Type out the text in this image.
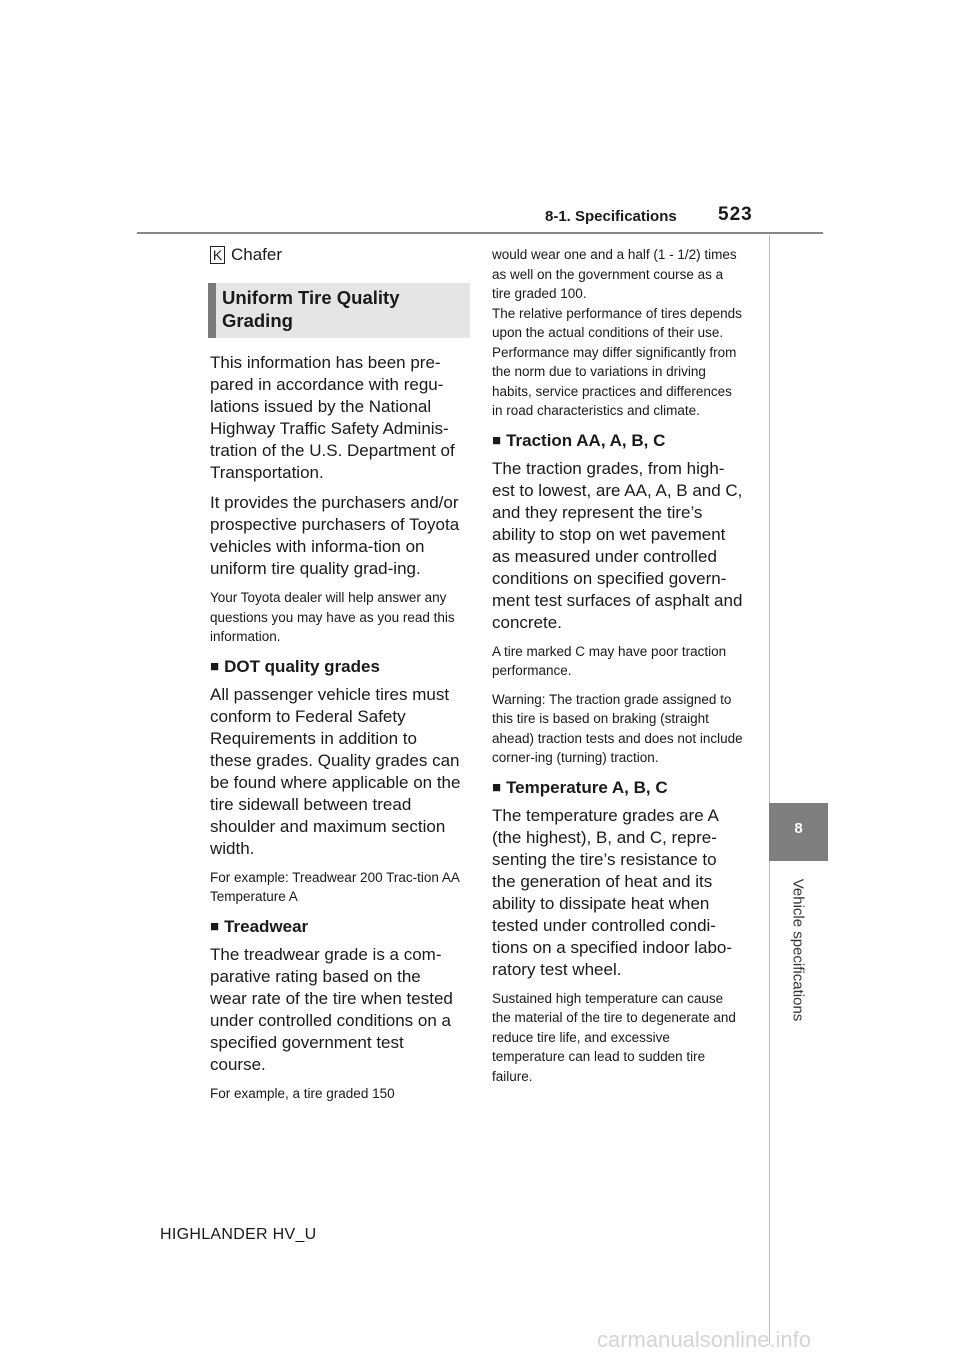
8-1. Specifications 523
8
Vehicle specifications
K Chafer
Uniform Tire Quality Grading

This information has been pre-pared in accordance with regu-lations issued by the National Highway Traffic Safety Adminis-tration of the U.S. Department of Transportation.

It provides the purchasers and/or prospective purchasers of Toyota vehicles with informa-tion on uniform tire quality grad-ing.

Your Toyota dealer will help answer any questions you may have as you read this information.

■ DOT quality grades

All passenger vehicle tires must conform to Federal Safety Requirements in addition to these grades. Quality grades can be found where applicable on the tire sidewall between tread shoulder and maximum section width.

For example: Treadwear 200 Trac-tion AA Temperature A

■ Treadwear

The treadwear grade is a com-parative rating based on the wear rate of the tire when tested under controlled conditions on a specified government test course.

For example, a tire graded 150

would wear one and a half (1 - 1/2) times as well on the government course as a tire graded 100.

The relative performance of tires depends upon the actual conditions of their use. Performance may differ significantly from the norm due to variations in driving habits, service practices and differences in road characteristics and climate.

■ Traction AA, A, B, C

The traction grades, from high-est to lowest, are AA, A, B and C, and they represent the tire’s ability to stop on wet pavement as measured under controlled conditions on specified govern-ment test surfaces of asphalt and concrete.

A tire marked C may have poor traction performance.

Warning: The traction grade assigned to this tire is based on braking (straight ahead) traction tests and does not include corner-ing (turning) traction.

■ Temperature A, B, C

The temperature grades are A (the highest), B, and C, repre-senting the tire’s resistance to the generation of heat and its ability to dissipate heat when tested under controlled condi-tions on a specified indoor labo-ratory test wheel.

Sustained high temperature can cause the material of the tire to degenerate and reduce tire life, and excessive temperature can lead to sudden tire failure.

HIGHLANDER HV_U
carmanualsonline.info
